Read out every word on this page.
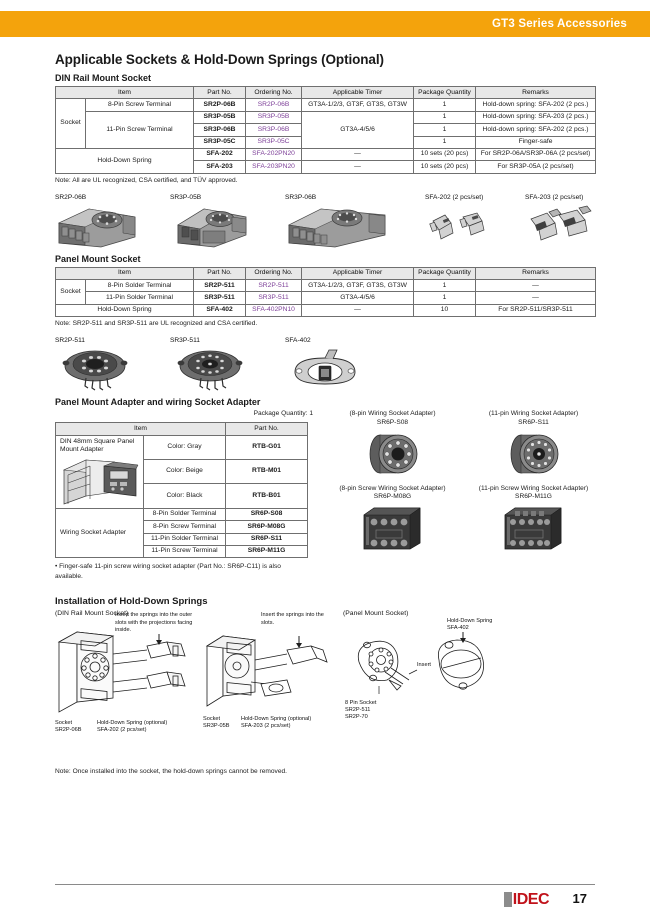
GT3 Series Accessories
Applicable Sockets & Hold-Down Springs (Optional)
DIN Rail Mount Socket
Item		Part No.	Ordering No.	Applicable Timer	Package Quantity	Remarks
Socket	8-Pin Screw Terminal	SR2P-06B	SR2P-06B	GT3A-1/2/3, GT3F, GT3S, GT3W	1	Hold-down spring: SFA-202 (2 pcs.)
	11-Pin Screw Terminal	SR3P-05B	SR3P-05B	GT3A-4/5/6	1	Hold-down spring: SFA-203 (2 pcs.)
		SR3P-06B	SR3P-06B		1	Hold-down spring: SFA-202 (2 pcs.)
		SR3P-05C	SR3P-05C		1	Finger-safe
Hold-Down Spring		SFA-202	SFA-202PN20	—	10 sets (20 pcs)	For SR2P-06A/SR3P-06A (2 pcs/set)
		SFA-203	SFA-203PN20	—	10 sets (20 pcs)	For SR3P-05A (2 pcs/set)

Note: All are UL recognized, CSA certified, and TÜV approved.

SR2P-06B	SR3P-05B	SR3P-06B	SFA-202 (2 pcs/set)	SFA-203 (2 pcs/set)
Panel Mount Socket
Item		Part No.	Ordering No.	Applicable Timer	Package Quantity	Remarks
Socket	8-Pin Solder Terminal	SR2P-511	SR2P-511	GT3A-1/2/3, GT3F, GT3S, GT3W	1	—
	11-Pin Solder Terminal	SR3P-511	SR3P-511	GT3A-4/5/6	1	—
Hold-Down Spring		SFA-402	SFA-402PN10	—	10	For SR2P-511/SR3P-511

Note: SR2P-511 and SR3P-511 are UL recognized and CSA certified.

SR2P-511	SR3P-511	SFA-402
Panel Mount Adapter and wiring Socket Adapter
Package Quantity: 1
Item		Part No.

DIN 48mm Square Panel Mount Adapter	Color: Gray	RTB-G01
	Color: Beige	RTB-M01
	Color: Black	RTB-B01
Wiring Socket Adapter	8-Pin Solder Terminal	SR6P-S08
	8-Pin Screw Terminal	SR6P-M08G
	11-Pin Solder Terminal	SR6P-S11
	11-Pin Screw Terminal	SR6P-M11G

• Finger-safe 11-pin screw wiring socket adapter (Part No.: SR6P-C11) is also available.

(8-pin Wiring Socket Adapter)
SR6P-S08
(11-pin Wiring Socket Adapter)
SR6P-S11
(8-pin Screw Wiring Socket Adapter)
SR6P-M08G
(11-pin Screw Wiring Socket Adapter)
SR6P-M11G
Installation of Hold-Down Springs
(DIN Rail Mount Socket)	(Panel Mount Socket)
Insert the springs into the outer slots with the projections facing inside.
Socket
SR2P-06B
Hold-Down Spring (optional)
SFA-202 (2 pcs/set)
Insert the springs into the slots.
Socket
SR3P-05B
Hold-Down Spring (optional)
SFA-203 (2 pcs/set)
Hold-Down Spring
SFA-402
Insert
8 Pin Socket
SR2P-511
SR2P-70

Note: Once installed into the socket, the hold-down springs cannot be removed.

IDEC 17
